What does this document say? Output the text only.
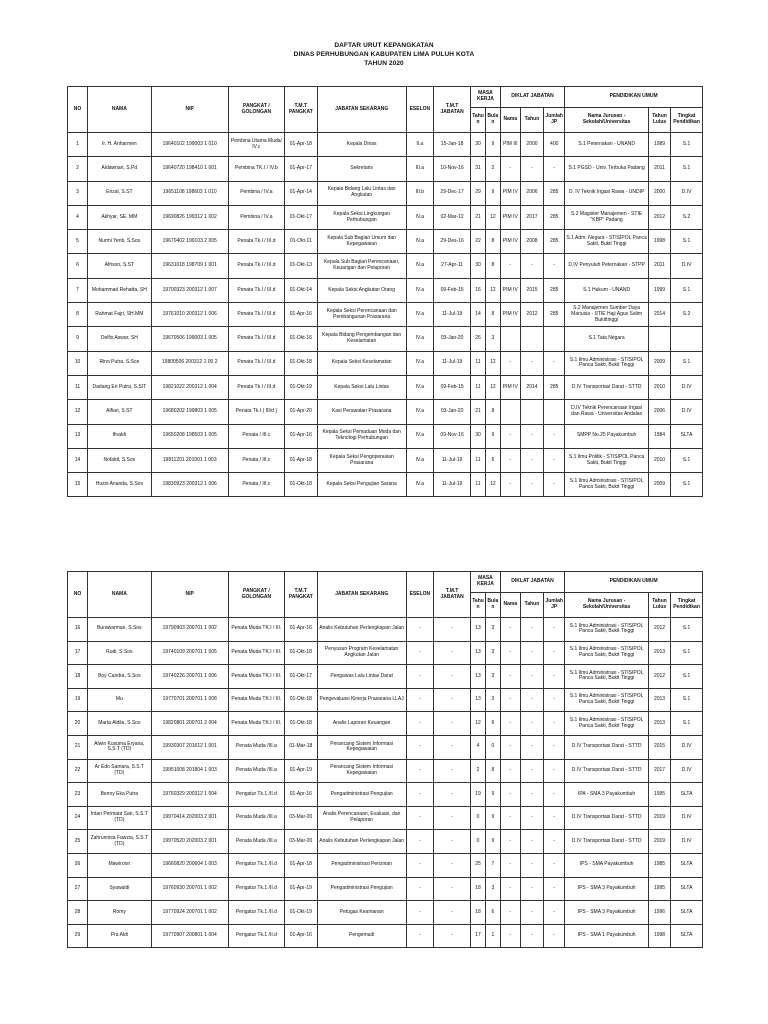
DAFTAR URUT KEPANGKATAN
DINAS PERHUBUNGAN KABUPATEN LIMA PULUH KOTA
TAHUN 2020
NO	NAMA	NIP	PANGKAT / GOLONGAN	T.M.T PANGKAT	JABATAN SEKARANG	ESELON	T.M.T JABATAN	MASA KERJA		DIKLAT JABATAN			PENDIDIKAN UMUM		
								Tahun	Bulan	Nama	Tahun	Jumlah JP	Nama Jurusan - Sekolah/Universitas	Tahun Lulus	Tingkat Pendidikan
1	Ir. H. Anharmen	19640102 199003 1 010	Pembina Utama Muda/ IV.c	01-Apr-18	Kepala Dinas	II.a	15-Jan-18	30	9	PIM III	2000	400	S.1 Peternakan - UNAND	1989	S.1
2	Aldawnan, S.Pd	19640720 198410 1 001	Pembina TK.I / IV.b	01-Apr-17	Sekretaris	III.a	10-Nov-16	31	2	-	-	-	S.1 PGSD - Univ. Terbuka Padang	2011	S.1
3	Erizal, S.ST	19651108 198603 1 010	Pembina / IV.a	01-Apr-14	Kepala Bidang Lalu Lintas dan Angkutan	III.b	29-Dec-17	29	9	PIM IV	2006	285	D. IV Teknik Irigasi Rawa - UNDIP	2000	D.IV
4	Akhyar, SE, MM	19690826 199312 1 002	Pembina / IV.a	01-Okt-17	Kepala Seksi Lingkungan Perhubungan	IV.a	02-Mar-12	21	12	PIM IV	2017	285	S.2 Magister Manajemen - STIE "KBP" Padang	2012	S.2
5	Nurmi Yenti, S.Sos	19670402 199103 2 005	Penata Tk.I / III.d	01-Okt-11	Kepala Sub Bagian Umum dan Kepegawaian	IV.a	29-Des-16	22	8	PIM IV	2008	285	S.1 Adm. Negara - STISIPOL Panca Sakti, Bukit Tinggi	1998	S.1
6	Afrison, S.ST	19631018 198709 1 001	Penata Tk.I / III.d	01-Okt-13	Kepala Sub Bagian Perencanaan, Keuangan dan Pelaporan	IV.a	27-Apr-11	30	8	-	-	-	D.IV Penyuluh Peternakan - STPP	2011	D.IV
7	Mohammad Rehatta, SH	19700323 200312 1 007	Penata Tk.I / III.d	01-Okt-14	Kepala Seksi Angkutan Orang	IV.a	09-Feb-15	16	12	PIM IV	2015	285	S.1 Hukum - UNAND	1999	S.1
8	Rahmat Fajri, SH.MM	19761010 200312 1 006	Penata Tk.I / III.d	01-Apr-16	Kepala Seksi Perencanaan dan Pembangunan Prasarana	IV.a	11-Jul-19	14	8	PIM IV	2012	285	S.2 Manajemen Sumber Daya Manusia - STIE Haji Agus Salim Bukittinggi	2014	S.2
9	Delfis Aswar, SH	19670506 199003 1 005	Penata Tk.I / III.d	01-Okt-16	Kepala Bidang Pengembangan dan Keselamatan	IV.a	03-Jan-20	26	3				S.1 Tata Negara		
10	Rino Putra, S.Sos	19800506 200312 1 00 2	Penata Tk.I / III.d	01-Okt-18	Kepala Seksi Keselamatan	IV.a	11-Jul-19	11	12	-	-	-	S.1 Ilmu Administrasi - STISIPOL Panca Sakti, Bukit Tinggi	2009	S.1
11	Dadang Eri Putra, S.SIT	19821022 200312 1 004	Penata Tk.I / III.d	01-Okt-19	Kepala Seksi Lalu Lintas	IV.a	09-Feb-15	11	12	PIM IV	2014	285	D.IV Transportasi Darat - STTD	2010	D.IV
12	Alfian, S.ST	19680202 199803 1 005	Penata Tk.I ( III/d )	01-Apr-20	Kasi Perawatan Prasarana	IV.a	03-Jan-20	21	8				D.IV Teknik Perencanaan Irigasi dan Rawa - Universitas Andalas	2006	D.IV
13	Ifnaldi	19650208 198503 1 005	Penata / III.c	01-Apr-16	Kepala Seksi Pemaduan Moda dan Teknologi Perhubungan	IV.a	09-Nov-16	30	9	-	-	-	SMPP No.25 Payakumbuh	1984	SLTA
14	Nofaldi, S.Sos	19811201 201001 1 003	Penata / III.c	01-Apr-18	Kepala Seksi Pengoperasian Prasarana	IV.a	11-Jul-19	11	6	-	-	-	S.1 Ilmu Politik - STISIPOL Panca Sakti, Bukit Tinggi	2010	S.1
15	Husni Ananda, S.Sos	19830923 200312 1 006	Penata / III.c	01-Okt-18	Kepala Seksi Pengujian Sarana	IV.a	11-Jul-19	11	12	-	-	-	S.1 Ilmu Administrasi - STISIPOL Panca Sakti, Bukit Tinggi	2009	S.1
NO	NAMA	NIP	PANGKAT / GOLONGAN	T.M.T PANGKAT	JABATAN SEKARANG	ESELON	T.M.T JABATAN	MASA KERJA		DIKLAT JABATAN			PENDIDIKAN UMUM		
								Tahun	Bulan	Nama	Tahun	Jumlah JP	Nama Jurusan - Sekolah/Universitas	Tahun Lulus	Tingkat Pendidikan
16	Burawarman, S.Sos	19790903 200701 1 002	Penata Muda TK.I / III.	01-Apr-16	Analis Kebutuhan Perlengkapan Jalan	-	-	13	3	-	-	-	S.1 Ilmu Administrasi - STISIPOL Panca Sakti, Bukit Tinggi	2012	S.1
17	Rudi, S.Sos	19740109 200701 1 005	Penata Muda TK.I / III.	01-Okt-18	Penyusun Program Keselamatan Angkutan Jalan	-	-	13	3	-	-	-	S.1 Ilmu Administrasi - STISIPOL Panca Sakti, Bukit Tinggi	2013	S.1
18	Boy Candra, S.Sos	19740226 200701 1 006	Penata Muda TK.I / III.	01-Okt-17	Pengawas Lalu Lintas Darat	-	-	13	3	-	-	-	S.1 Ilmu Administrasi - STISIPOL Panca Sakti, Bukit Tinggi	2012	S.1
19	Mu	19770701 200701 1 008	Penata Muda TK.I / III.	01-Okt-18	Pengevaluasi Kinerja Prasarana LLAJ	-	-	13	3	-	-	-	S.1 Ilmu Administrasi - STISIPOL Panca Sakti, Bukit Tinggi	2013	S.1
20	Marta Aldila, S.Sos	19820801 200701 2 004	Penata Muda TK.I / III.	01-Okt-18	Analis Laporan Keuangan	-	-	12	6	-	-	-	S.1 Ilmu Administrasi - STISIPOL Panca Sakti, Bukit Tinggi	2013	S.1
21	Alwin Kusuma Eryana, S.S.T (TD)	19930307 201612 1 001	Penata Muda /III.a	01-Mar-18	Perancang Sistem Informasi Kepegawaian	-	-	4	0	-	-	-	D.IV Transportasi Darat - STTD	2015	D.IV
22	Ar Edo Samara, S.S.T (TD)	19951008 201804 1 003	Penata Muda /III.a	01-Apr-19	Perancang Sistem Informasi Kepegawaian	-	-	2	8	-	-	-	D.IV Transportasi Darat - STTD	2017	D.IV
23	Benny Eka Putra	19760329 200312 1 004	Pengatur Tk.1 /II.d	01-Apr-16	Pengadministrasi Pengujian	-	-	19	9	-	-	-	IPA - SMA 3 Payakumbuh	1995	SLTA
24	Intan Permata Sari, S.S.T (TD)	19970414 202003 2 001	Penata Muda /III.a	03-Mar-20	Analis Perencanaan, Evaluasi, dan Pelaporan	-	-	0	9	-	-	-	D.IV Transportasi Darat - STTD	2019	D.IV
25	Zahrunnisa Fawzia, S.S.T (TD)	19970520 202003 2 001	Penata Muda /III.a	03-Mar-20	Analis Kebutuhan Perlengkapan Jalan	-	-	0	9	-	-	-	D.IV Transportasi Darat - STTD	2019	D.IV
26	Mawiroon	19660820 200604 1 003	Pengatur Tk.1 /II.d	01-Apr-18	Pengadministrasi Perizinan	-	-	25	7	-	-	-	IPS - SMA Payakumbuh	1985	SLTA
27	Syawaldi	19760930 200701 1 002	Pengatur Tk.1 /II.d	01-Apr-19	Pengadministrasi Pengujian	-	-	18	3	-	-	-	IPS - SMA 3 Payakumbuh	1995	SLTA
28	Romy	19770924 200701 1 002	Pengatur Tk.1 /II.d	01-Okt-19	Petugas Keamanan	-	-	18	6	-	-	-	IPS - SMA 3 Payakumbuh	1996	SLTA
29	Pra Aldi	19770907 200801 1 004	Pengatur Tk.1 /II.d	01-Apr-16	Pengemudi	-	-	17	1	-	-	-	IPS - SMA 1 Payakumbuh	1998	SLTA
